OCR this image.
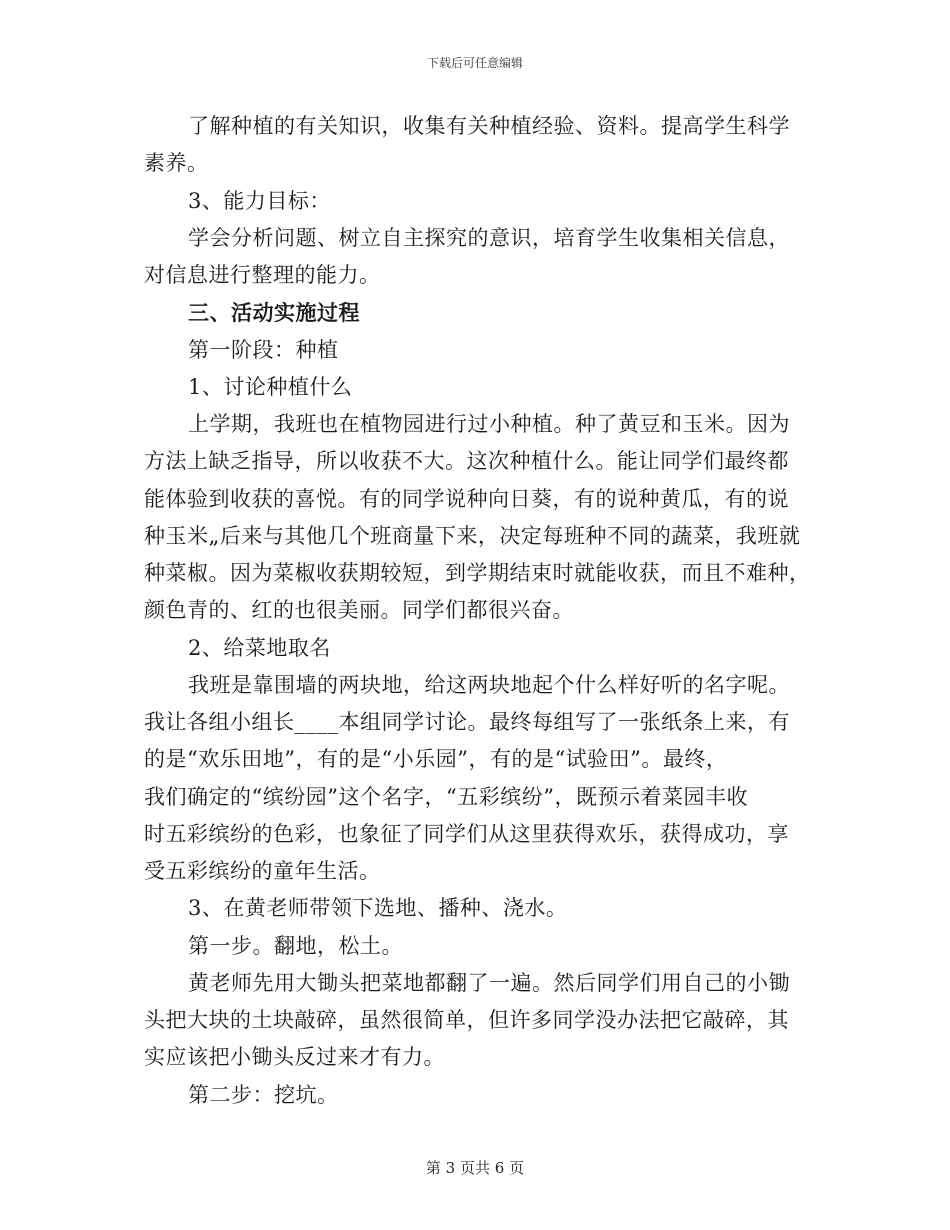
下载后可任意编辑
了解种植的有关知识，收集有关种植经验、资料。提高学生科学
素养。
3、能力目标：
学会分析问题、树立自主探究的意识，培育学生收集相关信息，
对信息进行整理的能力。
三、活动实施过程
第一阶段：种植
1、讨论种植什么
上学期，我班也在植物园进行过小种植。种了黄豆和玉米。因为
方法上缺乏指导，所以收获不大。这次种植什么。能让同学们最终都
能体验到收获的喜悦。有的同学说种向日葵，有的说种黄瓜，有的说
种玉米„后来与其他几个班商量下来，决定每班种不同的蔬菜，我班就
种菜椒。因为菜椒收获期较短，到学期结束时就能收获，而且不难种，
颜色青的、红的也很美丽。同学们都很兴奋。
2、给菜地取名
我班是靠围墙的两块地，给这两块地起个什么样好听的名字呢。
我让各组小组长____本组同学讨论。最终每组写了一张纸条上来，有
的是“欢乐田地”，有的是“小乐园”，有的是“试验田”。最终，
我们确定的“缤纷园”这个名字，“五彩缤纷”，既预示着菜园丰收
时五彩缤纷的色彩，也象征了同学们从这里获得欢乐，获得成功，享
受五彩缤纷的童年生活。
3、在黄老师带领下选地、播种、浇水。
第一步。翻地，松土。
黄老师先用大锄头把菜地都翻了一遍。然后同学们用自己的小锄
头把大块的土块敲碎，虽然很简单，但许多同学没办法把它敲碎，其
实应该把小锄头反过来才有力。
第二步：挖坑。
第 3 页共 6 页
